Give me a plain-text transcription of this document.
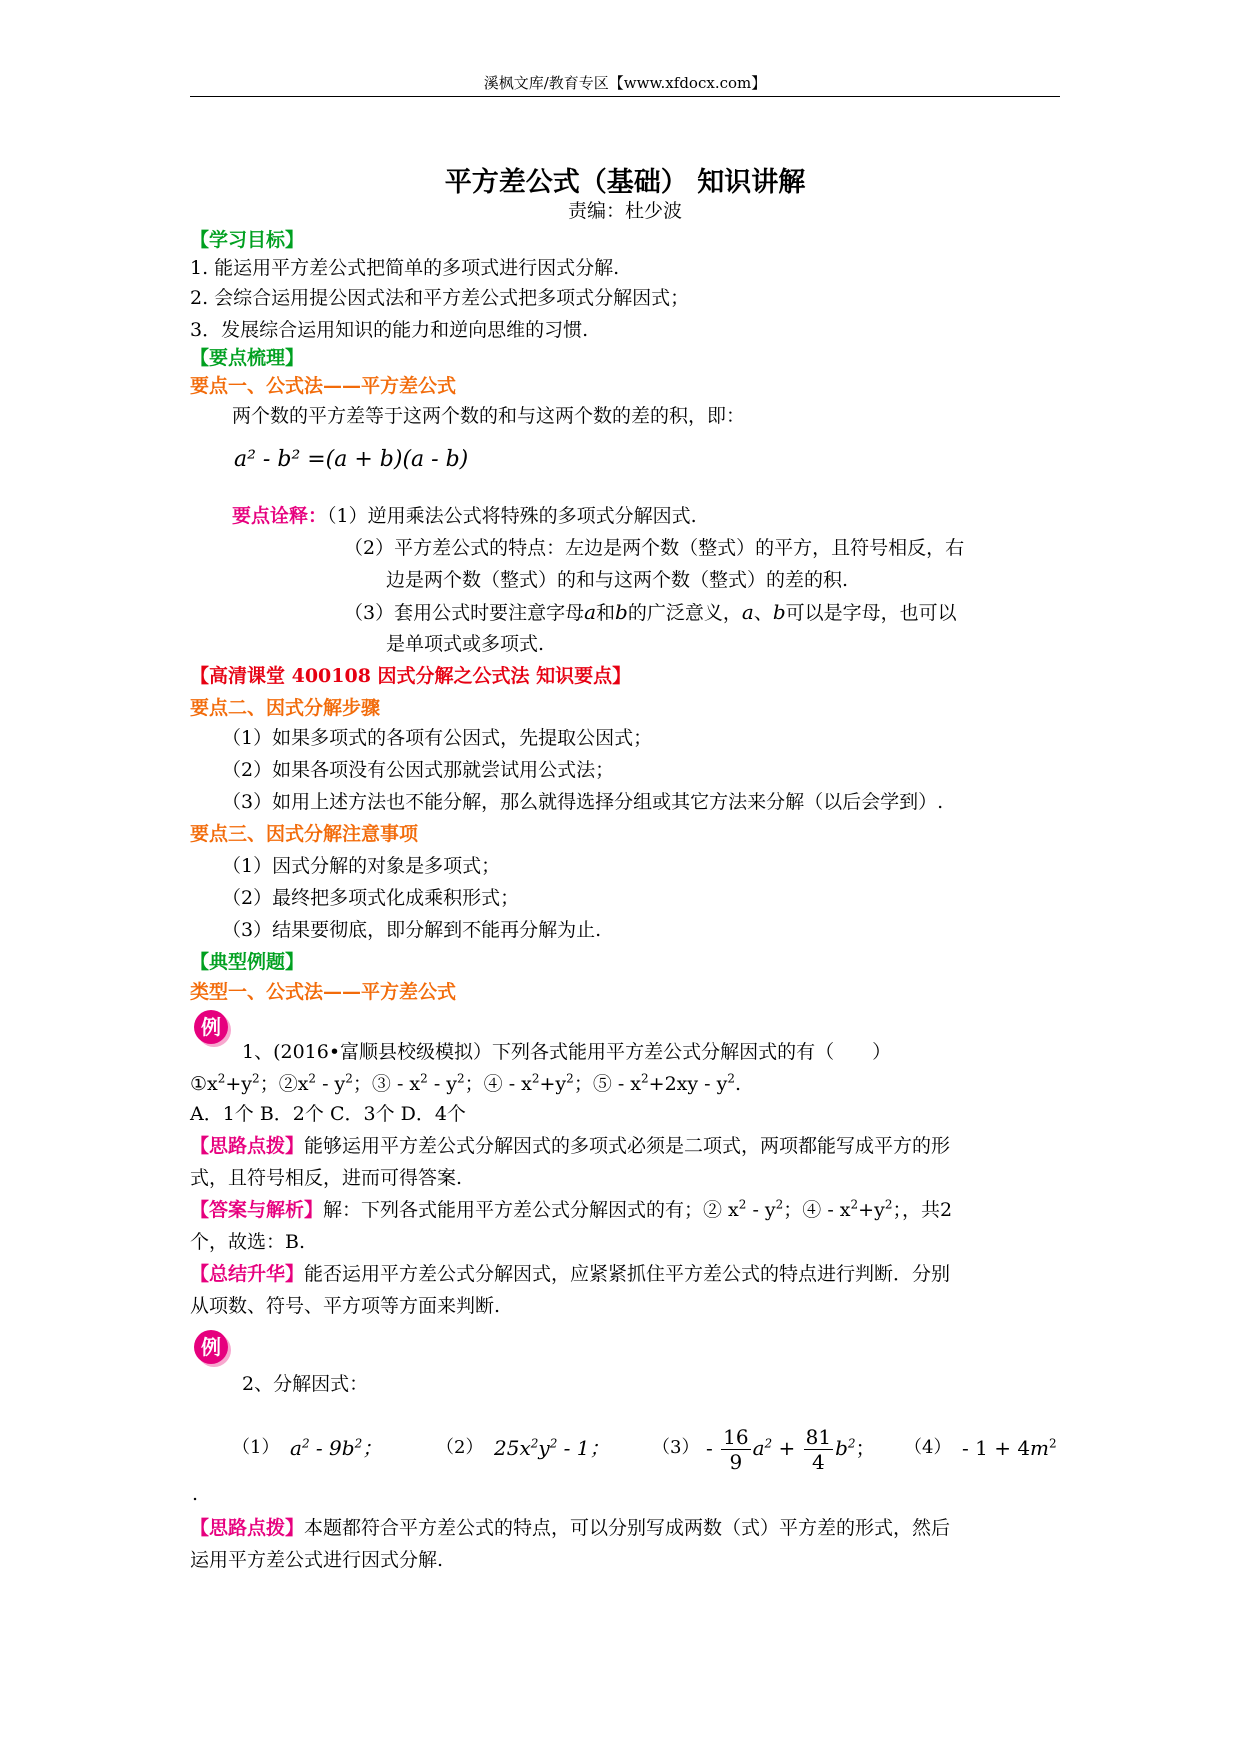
溪枫文库/教育专区【www.xfdocx.com】
平方差公式（基础） 知识讲解
责编：杜少波
【学习目标】
1. 能运用平方差公式把简单的多项式进行因式分解.
2. 会综合运用提公因式法和平方差公式把多项式分解因式；
3．发展综合运用知识的能力和逆向思维的习惯.
【要点梳理】
要点一、公式法——平方差公式
两个数的平方差等于这两个数的和与这两个数的差的积，即：
a² - b² =(a + b)(a - b)
要点诠释：（1）逆用乘法公式将特殊的多项式分解因式.
（2）平方差公式的特点：左边是两个数（整式）的平方，且符号相反，右
边是两个数（整式）的和与这两个数（整式）的差的积.
（3）套用公式时要注意字母a和b的广泛意义，a、b可以是字母，也可以
是单项式或多项式.
【高清课堂 400108 因式分解之公式法 知识要点】
要点二、因式分解步骤
（1）如果多项式的各项有公因式，先提取公因式；
（2）如果各项没有公因式那就尝试用公式法；
（3）如用上述方法也不能分解，那么就得选择分组或其它方法来分解（以后会学到）.
要点三、因式分解注意事项
（1）因式分解的对象是多项式；
（2）最终把多项式化成乘积形式；
（3）结果要彻底，即分解到不能再分解为止.
【典型例题】
类型一、公式法——平方差公式
例
1、(2016•富顺县校级模拟）下列各式能用平方差公式分解因式的有（　　）
$①x^2+y^2$；$②x^2 - y^2$；③ - $x^2 - y^2$；④ - $x^2+y^2$；⑤ - $x^2+2xy - y^2$.
A．1个 B．2个 C．3个 D．4个
【思路点拨】能够运用平方差公式分解因式的多项式必须是二项式，两项都能写成平方的形
式，且符号相反，进而可得答案.
【答案与解析】解：下列各式能用平方差公式分解因式的有；② $x^2 - y^2$；④ - $x^2+y^2$；，共2
个，故选：B.
【总结升华】能否运用平方差公式分解因式，应紧紧抓住平方差公式的特点进行判断．分别
从项数、符号、平方项等方面来判断.
例
2、分解因式：
（1） $a^2 - 9b^2$；	（2） $25x^2y^2 - 1$； $(3) - \frac{16}{9} a^2 + \frac{81}{4} b^2$； $(4) - 1 + 4m^2$
.
【思路点拨】本题都符合平方差公式的特点，可以分别写成两数（式）平方差的形式，然后
运用平方差公式进行因式分解.
